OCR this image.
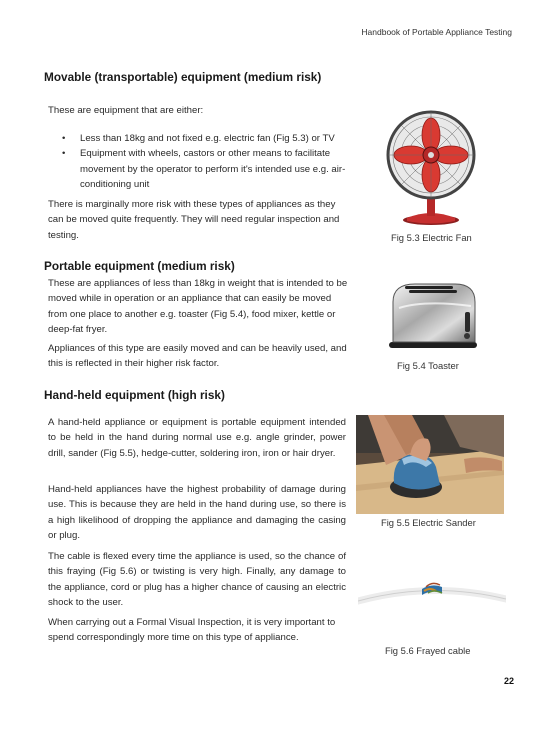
Handbook of Portable Appliance Testing
Movable (transportable) equipment (medium risk)
These are equipment that are either:
• Less than 18kg and not fixed e.g. electric fan (Fig 5.3) or TV
• Equipment with wheels, castors or other means to facilitate movement by the operator to perform it's intended use e.g. air-conditioning unit
There is marginally more risk with these types of appliances as they can be moved quite frequently. They will need regular inspection and testing.	Fig 5.3 Electric Fan
Portable equipment (medium risk)
These are appliances of less than 18kg in weight that is intended to be moved while in operation or an appliance that can easily be moved from one place to another e.g. toaster (Fig 5.4), food mixer, kettle or deep-fat fryer.
Appliances of this type are easily moved and can be heavily used, and this is reflected in their higher risk factor.	Fig 5.4 Toaster
Hand-held equipment (high risk)
A hand-held appliance or equipment is portable equipment intended to be held in the hand during normal use e.g. angle grinder, power drill, sander (Fig 5.5), hedge-cutter, soldering iron, iron or hair dryer.
Hand-held appliances have the highest probability of damage during use. This is because they are held in the hand during use, so there is a high likelihood of dropping the appliance and damaging the casing or plug.
The cable is flexed every time the appliance is used, so the chance of this fraying (Fig 5.6) or twisting is very high. Finally, any damage to the appliance, cord or plug has a higher chance of causing an electric shock to the user.
When carrying out a Formal Visual Inspection, it is very important to spend correspondingly more time on this type of appliance.
Fig 5.5 Electric Sander
Fig 5.6 Frayed cable
22
